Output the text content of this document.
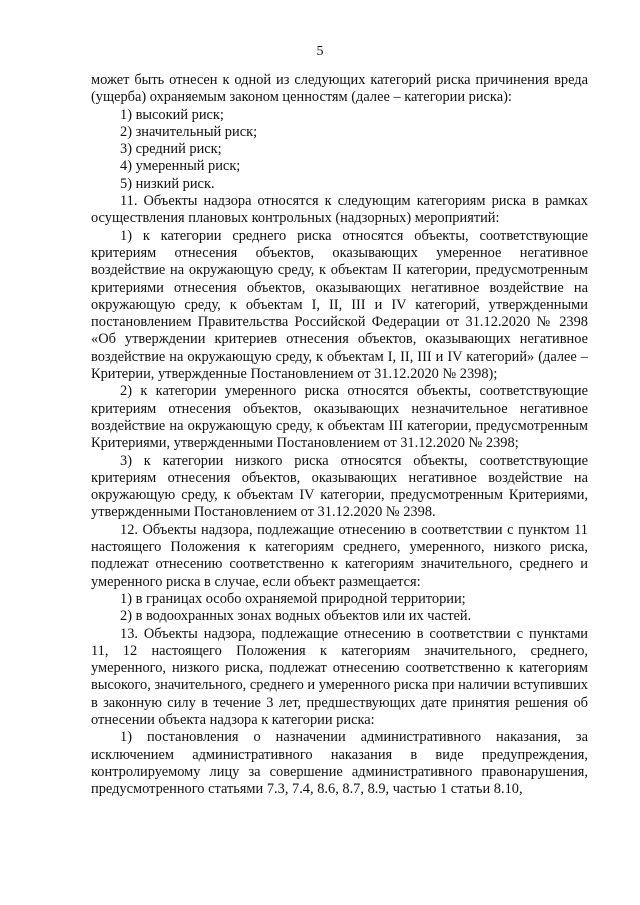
5

может быть отнесен к одной из следующих категорий риска причинения вреда (ущерба) охраняемым законом ценностям (далее – категории риска):

1) высокий риск;

2) значительный риск;

3) средний риск;

4) умеренный риск;

5) низкий риск.

11. Объекты надзора относятся к следующим категориям риска в рамках осуществления плановых контрольных (надзорных) мероприятий:

1) к категории среднего риска относятся объекты, соответствующие критериям отнесения объектов, оказывающих умеренное негативное воздействие на окружающую среду, к объектам II категории, предусмотренным критериями отнесения объектов, оказывающих негативное воздействие на окружающую среду, к объектам I, II, III и IV категорий, утвержденными постановлением Правительства Российской Федерации от 31.12.2020 № 2398 «Об утверждении критериев отнесения объектов, оказывающих негативное воздействие на окружающую среду, к объектам I, II, III и IV категорий» (далее – Критерии, утвержденные Постановлением от 31.12.2020 № 2398);

2) к категории умеренного риска относятся объекты, соответствующие критериям отнесения объектов, оказывающих незначительное негативное воздействие на окружающую среду, к объектам III категории, предусмотренным Критериями, утвержденными Постановлением от 31.12.2020 № 2398;

3) к категории низкого риска относятся объекты, соответствующие критериям отнесения объектов, оказывающих негативное воздействие на окружающую среду, к объектам IV категории, предусмотренным Критериями, утвержденными Постановлением от 31.12.2020 № 2398.

12. Объекты надзора, подлежащие отнесению в соответствии с пунктом 11 настоящего Положения к категориям среднего, умеренного, низкого риска, подлежат отнесению соответственно к категориям значительного, среднего и умеренного риска в случае, если объект размещается:

1) в границах особо охраняемой природной территории;

2) в водоохранных зонах водных объектов или их частей.

13. Объекты надзора, подлежащие отнесению в соответствии с пунктами 11, 12 настоящего Положения к категориям значительного, среднего, умеренного, низкого риска, подлежат отнесению соответственно к категориям высокого, значительного, среднего и умеренного риска при наличии вступивших в законную силу в течение 3 лет, предшествующих дате принятия решения об отнесении объекта надзора к категории риска:

1) постановления о назначении административного наказания, за исключением административного наказания в виде предупреждения, контролируемому лицу за совершение административного правонарушения, предусмотренного статьями 7.3, 7.4, 8.6, 8.7, 8.9, частью 1 статьи 8.10,
